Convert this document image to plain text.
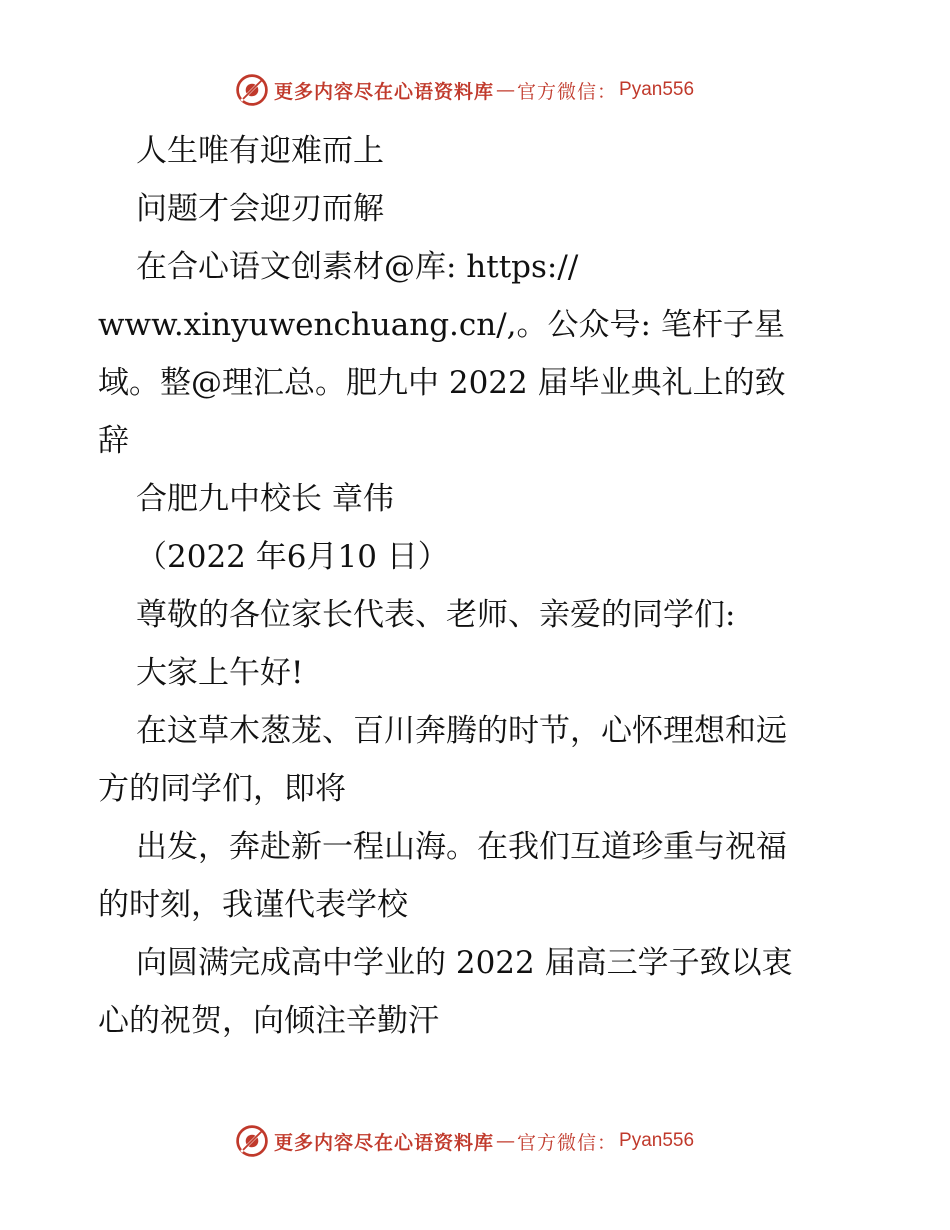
更多内容尽在心语资料库 — 官方微信： Pyan556
人生唯有迎难而上
问题才会迎刃而解
在合心语文创素材@库: https://
www.xinyuwenchuang.cn/,。公众号: 笔杆子星
域。整@理汇总。肥九中 2022 届毕业典礼上的致
辞
合肥九中校长 章伟
（2022 年6月10 日）
尊敬的各位家长代表、老师、亲爱的同学们:
大家上午好!
在这草木葱茏、百川奔腾的时节，心怀理想和远
方的同学们，即将
出发，奔赴新一程山海。在我们互道珍重与祝福
的时刻，我谨代表学校
向圆满完成高中学业的 2022 届高三学子致以衷
心的祝贺，向倾注辛勤汗
更多内容尽在心语资料库 — 官方微信： Pyan556
